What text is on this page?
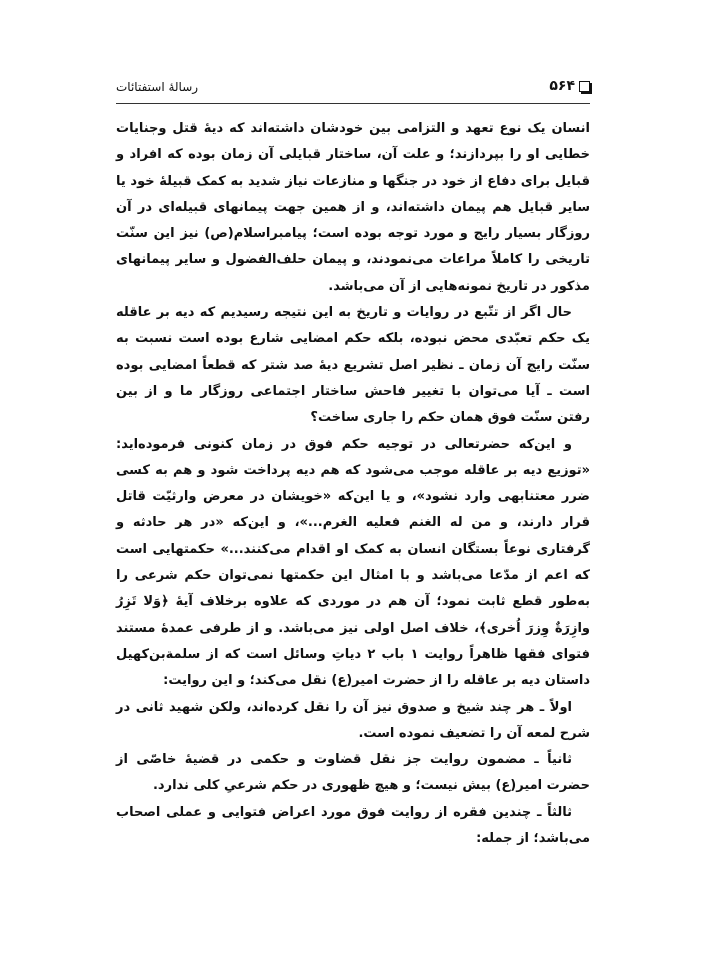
رسالهٔ استفتائات	۵۶۴

انسان یک نوع تعهد و التزامی بین خودشان داشته‌اند که دیهٔ قتل وجنایات خطایی او را بپردازند؛ و علت آن، ساختار قبایلی آن زمان بوده که افراد و قبایل برای دفاع از خود در جنگها و منازعات نیاز شدید به کمک قبیلهٔ خود یا سایر قبایل هم پیمان داشته‌اند، و از همین جهت پیمانهای قبیله‌ای در آن روزگار بسیار رایج و مورد توجه بوده است؛ پیامبراسلام(ص) نیز این سنّت تاریخی را کاملاً مراعات می‌نمودند، و پیمان حلف‌الفضول و سایر پیمانهای مذکور در تاریخ نمونه‌هایی از آن می‌باشد.

حال اگر از تتّبع در روایات و تاریخ به این نتیجه رسیدیم که دیه بر عاقله یک حکم تعبّدی محض نبوده، بلکه حکم امضایی شارع بوده است نسبت به سنّت رایج آن زمان ـ نظیر اصل تشریع دیهٔ صد شتر که قطعاً امضایی بوده است ـ آیا می‌توان با تغییر فاحش ساختار اجتماعی روزگار ما و از بین رفتن سنّت فوق همان حکم را جاری ساخت؟

و این‌که حضرتعالی در توجیه حکم فوق در زمان کنونی فرموده‌اید: «توزیع دیه بر عاقله موجب می‌شود که هم دیه پرداخت شود و هم به کسی ضرر معتنابهی وارد نشود»، و یا این‌که «خویشان در معرض وارثیّت قاتل قرار دارند، و من له الغنم فعلیه الغرم...»، و این‌که «در هر حادثه و گرفتاری نوعاً بستگان انسان به کمک او اقدام می‌کنند...» حکمتهایی است که اعم از مدّعا می‌باشد و با امثال این حکمتها نمی‌توان حکم شرعی را به‌طور قطع ثابت نمود؛ آن هم در موردی که علاوه برخلاف آیهٔ ﴿وَلا تَزِرُ وازِرَةٌ وِزرَ اُخری﴾، خلاف اصل اولی نیز می‌باشد. و از طرفی عمدهٔ مستند فتوای فقها ظاهراً روایت ۱ باب ۲ دیاتِ وسائل است که از سلمة‌بن‌کهیل داستان دیه بر عاقله را از حضرت امیر(ع) نقل می‌کند؛ و این روایت:

اولاً ـ هر چند شیخ و صدوق نیز آن را نقل کرده‌اند، ولکن شهید ثانی در شرح لمعه آن را تضعیف نموده است.

ثانیاً ـ مضمون روایت جز نقل قضاوت و حکمی در قضیهٔ خاصّی از حضرت امیر(ع) بیش نیست؛ و هیچ ظهوری در حکم شرعیِ کلی ندارد.

ثالثاً ـ چندین فقره از روایت فوق مورد اعراض فتوایی و عملی اصحاب می‌باشد؛ از جمله:
